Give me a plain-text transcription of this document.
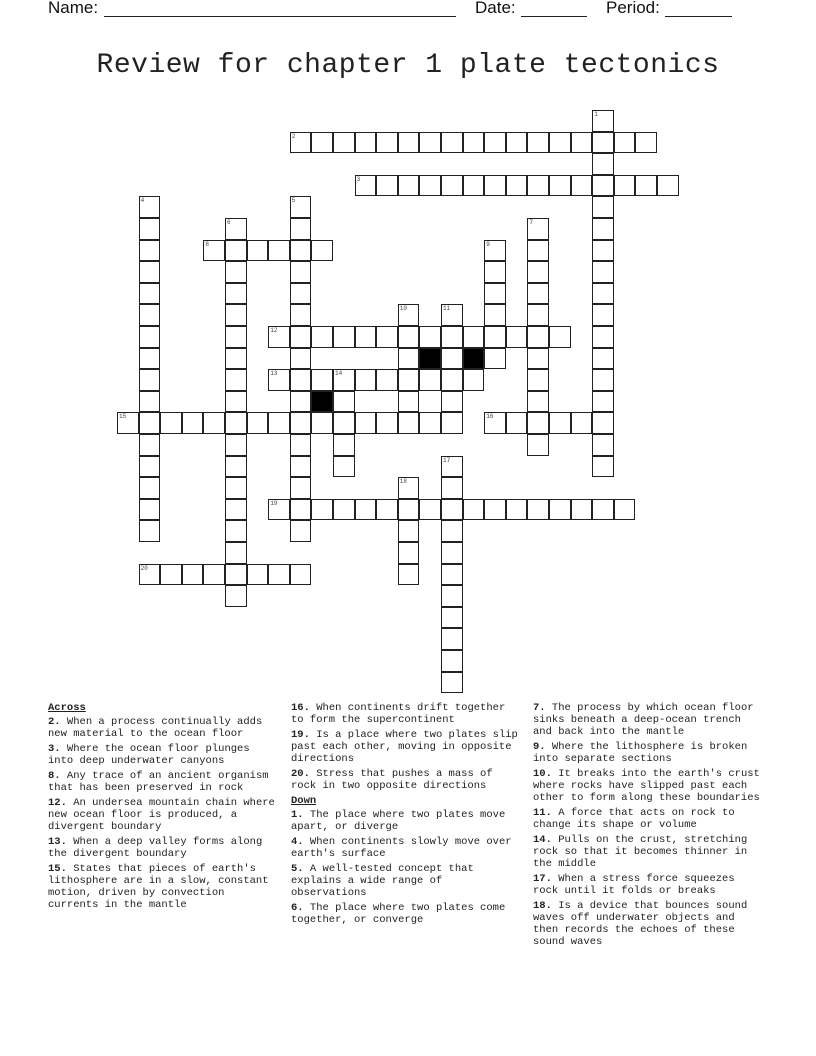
Name:	Date:	Period:
Review for chapter 1 plate tectonics
1
2
3
4	5
6	7
8	9
12
10	11
13	14
15	16
17
18
19
20
Across
2. When a process continually adds new material to the ocean floor
3. Where the ocean floor plunges into deep underwater canyons
8. Any trace of an ancient organism that has been preserved in rock
12. An undersea mountain chain where new ocean floor is produced, a divergent boundary
13. When a deep valley forms along the divergent boundary
15. States that pieces of earth's lithosphere are in a slow, constant motion, driven by convection currents in the mantle
16. When continents drift together to form the supercontinent
19. Is a place where two plates slip past each other, moving in opposite directions
20. Stress that pushes a mass of rock in two opposite directions
Down
1. The place where two plates move apart, or diverge
4. When continents slowly move over earth's surface
5. A well-tested concept that explains a wide range of observations
6. The place where two plates come together, or converge
7. The process by which ocean floor sinks beneath a deep-ocean trench and back into the mantle
9. Where the lithosphere is broken into separate sections
10. It breaks into the earth's crust where rocks have slipped past each other to form along these boundaries
11. A force that acts on rock to change its shape or volume
14. Pulls on the crust, stretching rock so that it becomes thinner in the middle
17. When a stress force squeezes rock until it folds or breaks
18. Is a device that bounces sound waves off underwater objects and then records the echoes of these sound waves
